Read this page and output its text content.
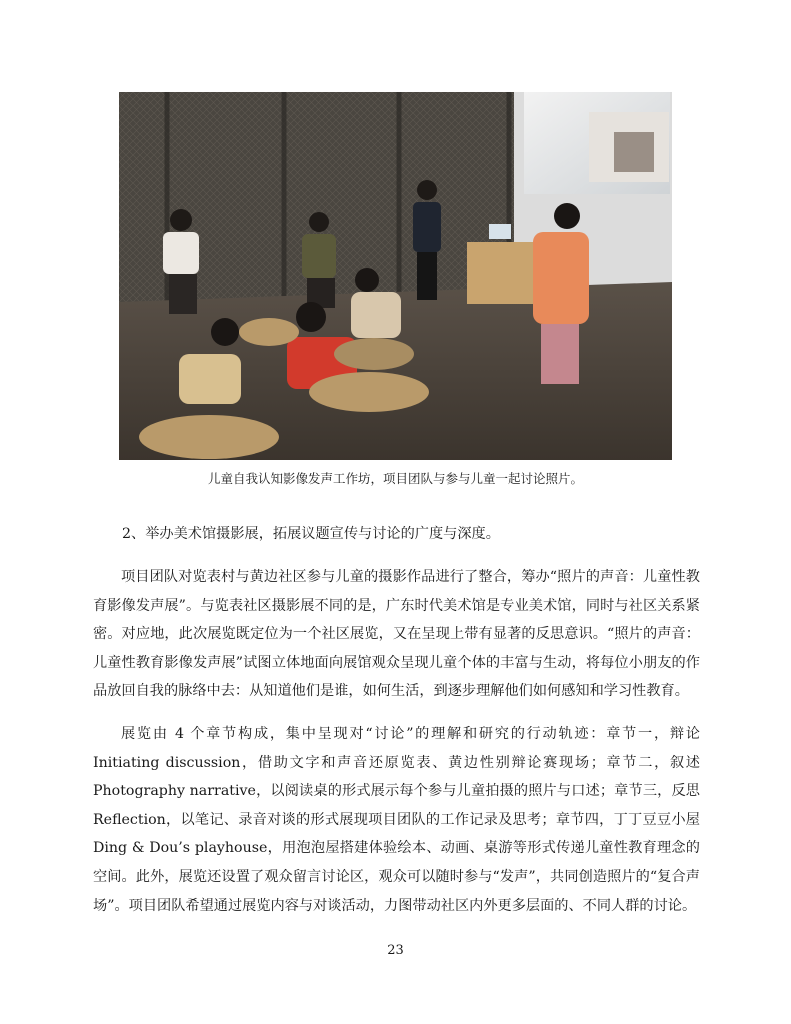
儿童自我认知影像发声工作坊，项目团队与参与儿童一起讨论照片。
2、举办美术馆摄影展，拓展议题宣传与讨论的广度与深度。

项目团队对览表村与黄边社区参与儿童的摄影作品进行了整合，筹办“照片的声音：儿童性教育影像发声展”。与览表社区摄影展不同的是，广东时代美术馆是专业美术馆，同时与社区关系紧密。对应地，此次展览既定位为一个社区展览，又在呈现上带有显著的反思意识。“照片的声音：儿童性教育影像发声展”试图立体地面向展馆观众呈现儿童个体的丰富与生动，将每位小朋友的作品放回自我的脉络中去：从知道他们是谁，如何生活，到逐步理解他们如何感知和学习性教育。

展览由 4 个章节构成，集中呈现对“讨论”的理解和研究的行动轨迹：章节一，辩论 Initiating discussion，借助文字和声音还原览表、黄边性别辩论赛现场；章节二，叙述 Photography narrative，以阅读桌的形式展示每个参与儿童拍摄的照片与口述；章节三，反思 Reflection，以笔记、录音对谈的形式展现项目团队的工作记录及思考；章节四，丁丁豆豆小屋 Ding & Dou’s playhouse，用泡泡屋搭建体验绘本、动画、桌游等形式传递儿童性教育理念的空间。此外，展览还设置了观众留言讨论区，观众可以随时参与“发声”，共同创造照片的“复合声场”。项目团队希望通过展览内容与对谈活动，力图带动社区内外更多层面的、不同人群的讨论。

23
